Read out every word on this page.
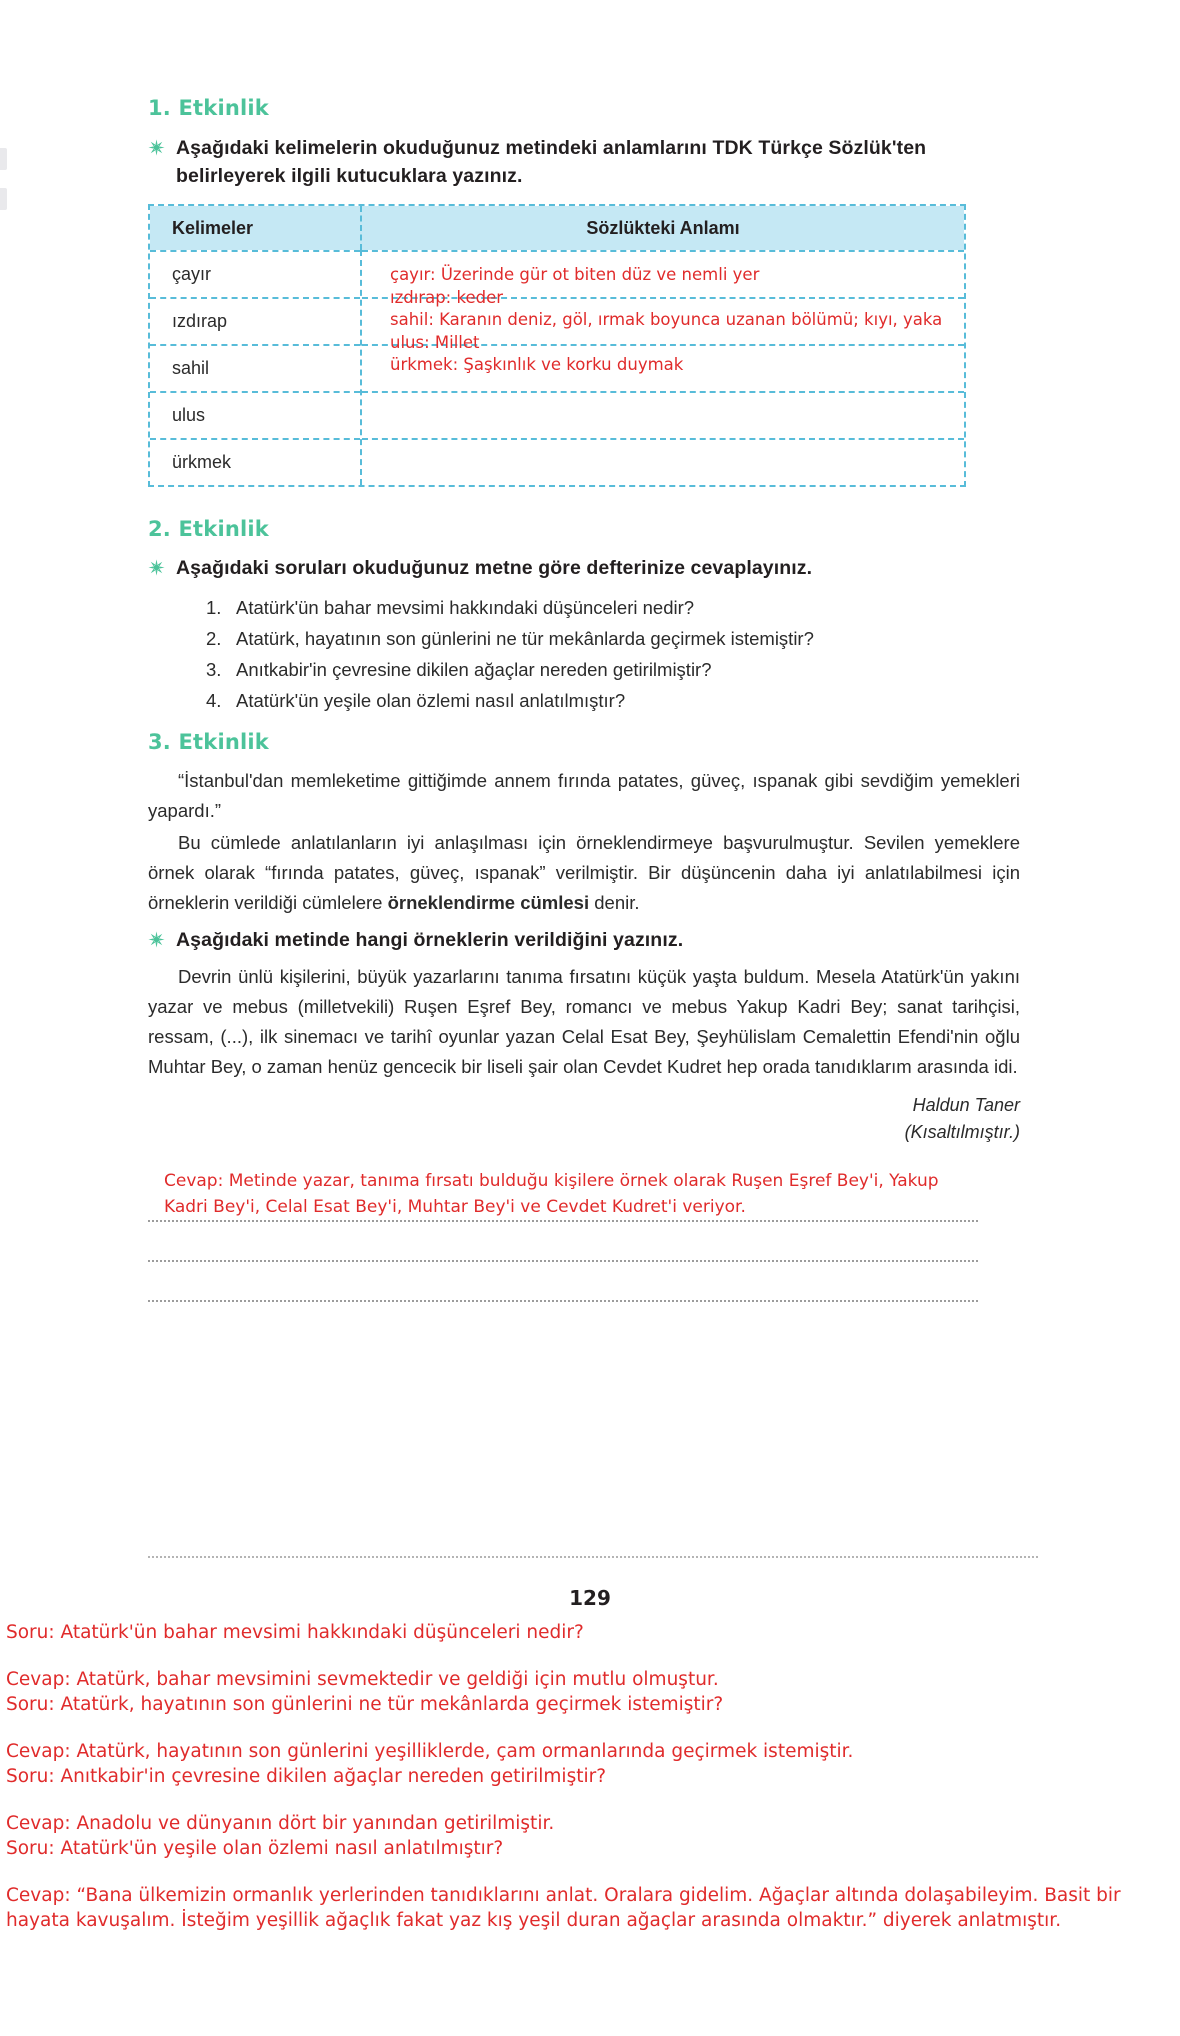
1. Etkinlik
Aşağıdaki kelimelerin okuduğunuz metindeki anlamlarını TDK Türkçe Sözlük'ten belirleyerek ilgili kutucuklara yazınız.
Kelimeler	Sözlükteki Anlamı
çayır
ızdırap
sahil
ulus
ürkmek
çayır: Üzerinde gür ot biten düz ve nemli yer
ızdırap: keder
sahil: Karanın deniz, göl, ırmak boyunca uzanan bölümü; kıyı, yaka
ulus: Millet
ürkmek: Şaşkınlık ve korku duymak
2. Etkinlik
Aşağıdaki soruları okuduğunuz metne göre defterinize cevaplayınız.
1. Atatürk'ün bahar mevsimi hakkındaki düşünceleri nedir?
2. Atatürk, hayatının son günlerini ne tür mekânlarda geçirmek istemiştir?
3. Anıtkabir'in çevresine dikilen ağaçlar nereden getirilmiştir?
4. Atatürk'ün yeşile olan özlemi nasıl anlatılmıştır?
3. Etkinlik

“İstanbul'dan memleketime gittiğimde annem fırında patates, güveç, ıspanak gibi sevdiğim yemekleri yapardı.”

Bu cümlede anlatılanların iyi anlaşılması için örneklendirmeye başvurulmuştur. Sevilen yemeklere örnek olarak “fırında patates, güveç, ıspanak” verilmiştir. Bir düşüncenin daha iyi anlatılabilmesi için örneklerin verildiği cümlelere örneklendirme cümlesi denir.

Aşağıdaki metinde hangi örneklerin verildiğini yazınız.

Devrin ünlü kişilerini, büyük yazarlarını tanıma fırsatını küçük yaşta buldum. Mesela Atatürk'ün yakını yazar ve mebus (milletvekili) Ruşen Eşref Bey, romancı ve mebus Yakup Kadri Bey; sanat tarihçisi, ressam, (...), ilk sinemacı ve tarihî oyunlar yazan Celal Esat Bey, Şeyhülislam Cemalettin Efendi'nin oğlu Muhtar Bey, o zaman henüz gencecik bir liseli şair olan Cevdet Kudret hep orada tanıdıklarım arasında idi.

Haldun Taner
(Kısaltılmıştır.)
Cevap: Metinde yazar, tanıma fırsatı bulduğu kişilere örnek olarak Ruşen Eşref Bey'i, Yakup Kadri Bey'i, Celal Esat Bey'i, Muhtar Bey'i ve Cevdet Kudret'i veriyor.
129
Soru: Atatürk'ün bahar mevsimi hakkındaki düşünceleri nedir?
Cevap: Atatürk, bahar mevsimini sevmektedir ve geldiği için mutlu olmuştur.
Soru: Atatürk, hayatının son günlerini ne tür mekânlarda geçirmek istemiştir?
Cevap: Atatürk, hayatının son günlerini yeşilliklerde, çam ormanlarında geçirmek istemiştir.
Soru: Anıtkabir'in çevresine dikilen ağaçlar nereden getirilmiştir?
Cevap: Anadolu ve dünyanın dört bir yanından getirilmiştir.
Soru: Atatürk'ün yeşile olan özlemi nasıl anlatılmıştır?
Cevap: “Bana ülkemizin ormanlık yerlerinden tanıdıklarını anlat. Oralara gidelim. Ağaçlar altında dolaşabileyim. Basit bir hayata kavuşalım. İsteğim yeşillik ağaçlık fakat yaz kış yeşil duran ağaçlar arasında olmaktır.” diyerek anlatmıştır.
